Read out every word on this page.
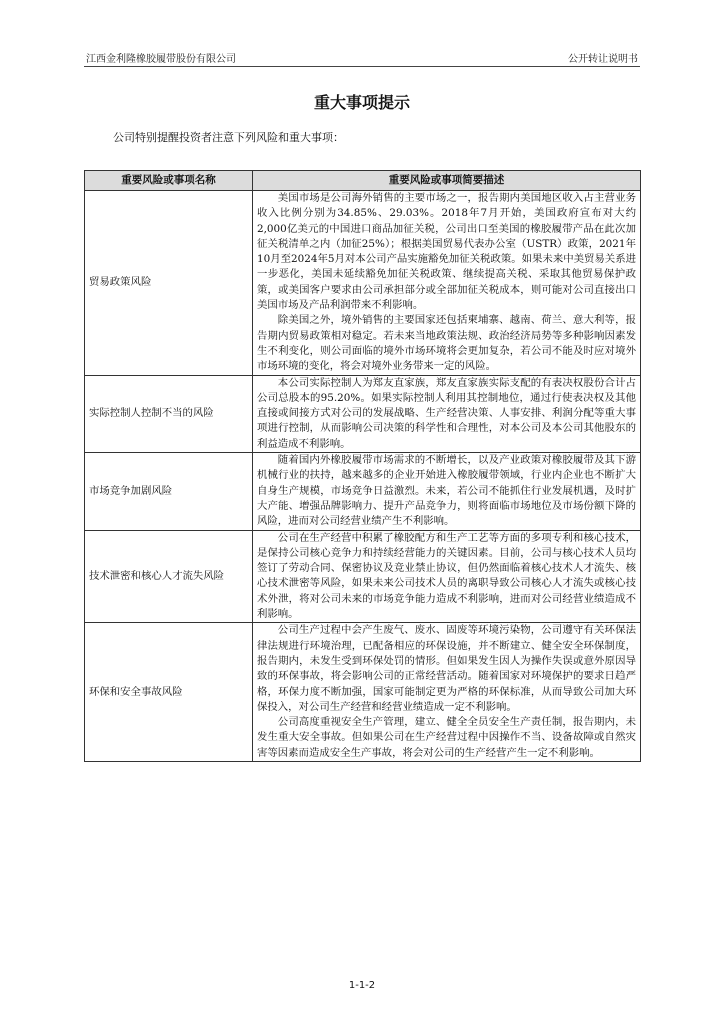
江西金利隆橡胶履带股份有限公司	公开转让说明书
重大事项提示
公司特别提醒投资者注意下列风险和重大事项：
重要风险或事项名称	重要风险或事项简要描述
贸易政策风险	美国市场是公司海外销售的主要市场之一，报告期内美国地区收入占主营业务收入比例分别为34.85%、29.03%。2018年7月开始，美国政府宣布对大约2,000亿美元的中国进口商品加征关税，公司出口至美国的橡胶履带产品在此次加征关税清单之内（加征25%）；根据美国贸易代表办公室（USTR）政策，2021年10月至2024年5月对本公司产品实施豁免加征关税政策。如果未来中美贸易关系进一步恶化，美国未延续豁免加征关税政策、继续提高关税、采取其他贸易保护政策，或美国客户要求由公司承担部分或全部加征关税成本，则可能对公司直接出口美国市场及产品利润带来不利影响。

除美国之外，境外销售的主要国家还包括柬埔寨、越南、荷兰、意大利等，报告期内贸易政策相对稳定。若未来当地政策法规、政治经济局势等多种影响因素发生不利变化，则公司面临的境外市场环境将会更加复杂，若公司不能及时应对境外市场环境的变化，将会对境外业务带来一定的风险。

实际控制人控制不当的风险	本公司实际控制人为郑友直家族，郑友直家族实际支配的有表决权股份合计占公司总股本的95.20%。如果实际控制人利用其控制地位，通过行使表决权及其他直接或间接方式对公司的发展战略、生产经营决策、人事安排、利润分配等重大事项进行控制，从而影响公司决策的科学性和合理性，对本公司及本公司其他股东的利益造成不利影响。

市场竞争加剧风险	随着国内外橡胶履带市场需求的不断增长，以及产业政策对橡胶履带及其下游机械行业的扶持，越来越多的企业开始进入橡胶履带领域，行业内企业也不断扩大自身生产规模，市场竞争日益激烈。未来，若公司不能抓住行业发展机遇，及时扩大产能、增强品牌影响力、提升产品竞争力，则将面临市场地位及市场份额下降的风险，进而对公司经营业绩产生不利影响。

技术泄密和核心人才流失风险	公司在生产经营中积累了橡胶配方和生产工艺等方面的多项专利和核心技术，是保持公司核心竞争力和持续经营能力的关键因素。目前，公司与核心技术人员均签订了劳动合同、保密协议及竞业禁止协议，但仍然面临着核心技术人才流失、核心技术泄密等风险，如果未来公司技术人员的离职导致公司核心人才流失或核心技术外泄，将对公司未来的市场竞争能力造成不利影响，进而对公司经营业绩造成不利影响。

环保和安全事故风险	公司生产过程中会产生废气、废水、固废等环境污染物，公司遵守有关环保法律法规进行环境治理，已配备相应的环保设施，并不断建立、健全安全环保制度，报告期内，未发生受到环保处罚的情形。但如果发生因人为操作失误或意外原因导致的环保事故，将会影响公司的正常经营活动。随着国家对环境保护的要求日趋严格，环保力度不断加强，国家可能制定更为严格的环保标准，从而导致公司加大环保投入，对公司生产经营和经营业绩造成一定不利影响。

公司高度重视安全生产管理，建立、健全全员安全生产责任制，报告期内，未发生重大安全事故。但如果公司在生产经营过程中因操作不当、设备故障或自然灾害等因素而造成安全生产事故，将会对公司的生产经营产生一定不利影响。

1-1-2
